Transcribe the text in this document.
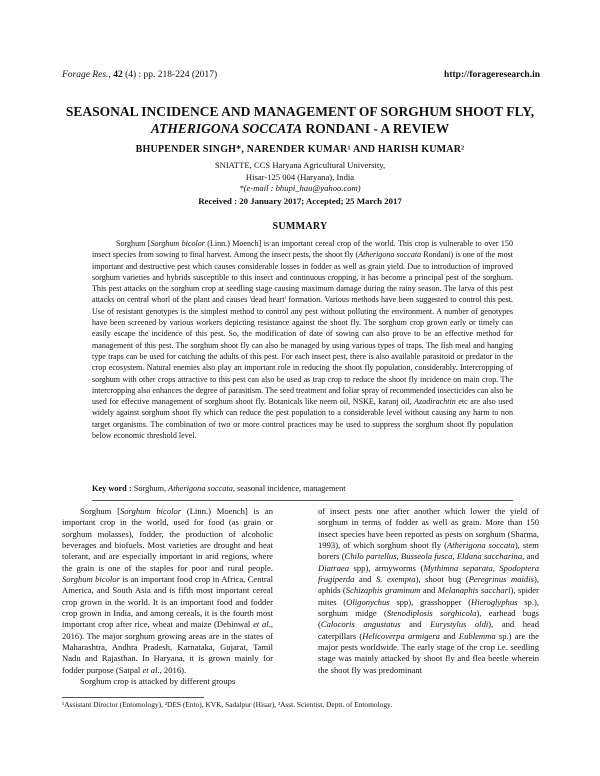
Forage Res., 42 (4) : pp. 218-224 (2017)	http://forageresearch.in
SEASONAL INCIDENCE AND MANAGEMENT OF SORGHUM SHOOT FLY,
ATHERIGONA SOCCATA RONDANI - A REVIEW
BHUPENDER SINGH*, NARENDER KUMAR¹ AND HARISH KUMAR²
SNIATTE, CCS Haryana Agricultural University,
Hisar-125 004 (Haryana), India
*(e-mail : bhupi_hau@yahoo.com)
Received : 20 January 2017; Accepted; 25 March 2017
SUMMARY
Sorghum [Sorghum bicolor (Linn.) Moench] is an important cereal crop of the world. This crop is vulnerable to over 150 insect species from sowing to final harvest. Among the insect pests, the shoot fly (Atherigona soccata Rondani) is one of the most important and destructive pest which causes considerable losses in fodder as well as grain yield. Due to introduction of improved sorghum varieties and hybrids susceptible to this insect and continuous cropping, it has become a principal pest of the sorghum. This pest attacks on the sorghum crop at seedling stage causing maximum damage during the rainy season. The larva of this pest attacks on central whorl of the plant and causes 'dead heart' formation. Various methods have been suggested to control this pest. Use of resistant genotypes is the simplest method to control any pest without polluting the environment. A number of genotypes have been screened by various workers depicting resistance against the shoot fly. The sorghum crop grown early or timely can easily escape the incidence of this pest. So, the modification of date of sowing can also prove to be an effective method for management of this pest. The sorghum shoot fly can also be managed by using various types of traps. The fish meal and hanging type traps can be used for catching the adults of this pest. For each insect pest, there is also available parasitoid or predator in the crop ecosystem. Natural enemies also play an important role in reducing the shoot fly population, considerably. Intercropping of sorghum with other crops attractive to this pest can also be used as trap crop to reduce the shoot fly incidence on main crop. The intercropping also enhances the degree of parasitism. The seed treatment and foliar spray of recommended insecticides can also be used for effective management of sorghum shoot fly. Botanicals like neem oil, NSKE, karanj oil, Azadirachtin etc are also used widely against sorghum shoot fly which can reduce the pest population to a considerable level without causing any harm to non target organisms. The combination of two or more control practices may be used to suppress the sorghum shoot fly population below economic threshold level.
Key word : Sorghum, Atherigona soccata, seasonal incidence, management

Sorghum [Sorghum bicolor (Linn.) Moench] is an important crop in the world, used for food (as grain or sorghum molasses), fodder, the production of alcoholic beverages and biofuels. Most varieties are drought and heat tolerant, and are especially important in arid regions, where the grain is one of the staples for poor and rural people. Sorghum bicolor is an important food crop in Africa, Central America, and South Asia and is fifth most important cereal crop grown in the world. It is an important food and fodder crop grown in India, and among cereals, it is the fourth most important crop after rice, wheat and maize (Dehinwal et al., 2016). The major sorghum growing areas are in the states of Maharashtra, Andhra Pradesh, Karnataka, Gujarat, Tamil Nadu and Rajasthan. In Haryana, it is grown mainly for fodder purpose (Satpal et al., 2016).

Sorghum crop is attacked by different groups

of insect pests one after another which lower the yield of sorghum in terms of fodder as well as grain. More than 150 insect species have been reported as pests on sorghum (Sharma, 1993), of which sorghum shoot fly (Atherigona soccata), stem borers (Chilo partellus, Busseola fusca, Eldana saccharina, and Diatraea spp), armyworms (Mythimna separata, Spodoptera frugiperda and S. exempta), shoot bug (Peregrinus maidis), aphids (Schizaphis graminum and Melanaphis sacchari), spider mites (Oligonychus spp), grasshopper (Hieroglyphus sp.), sorghum midge (Stenodiplosis sorghicola), earhead bugs (Calocoris angustatus and Eurystylus oldi), and head caterpillars (Helicoverpa armigera and Eublemma sp.) are the major pests worldwide. The early stage of the crop i.e. seedling stage was mainly attacked by shoot fly and flea beetle wherein the shoot fly was predominant

¹Assistant Director (Entomology), ²DES (Ento), KVK, Sadalpur (Hisar), ³Asst. Scientist, Deptt. of Entomology.
